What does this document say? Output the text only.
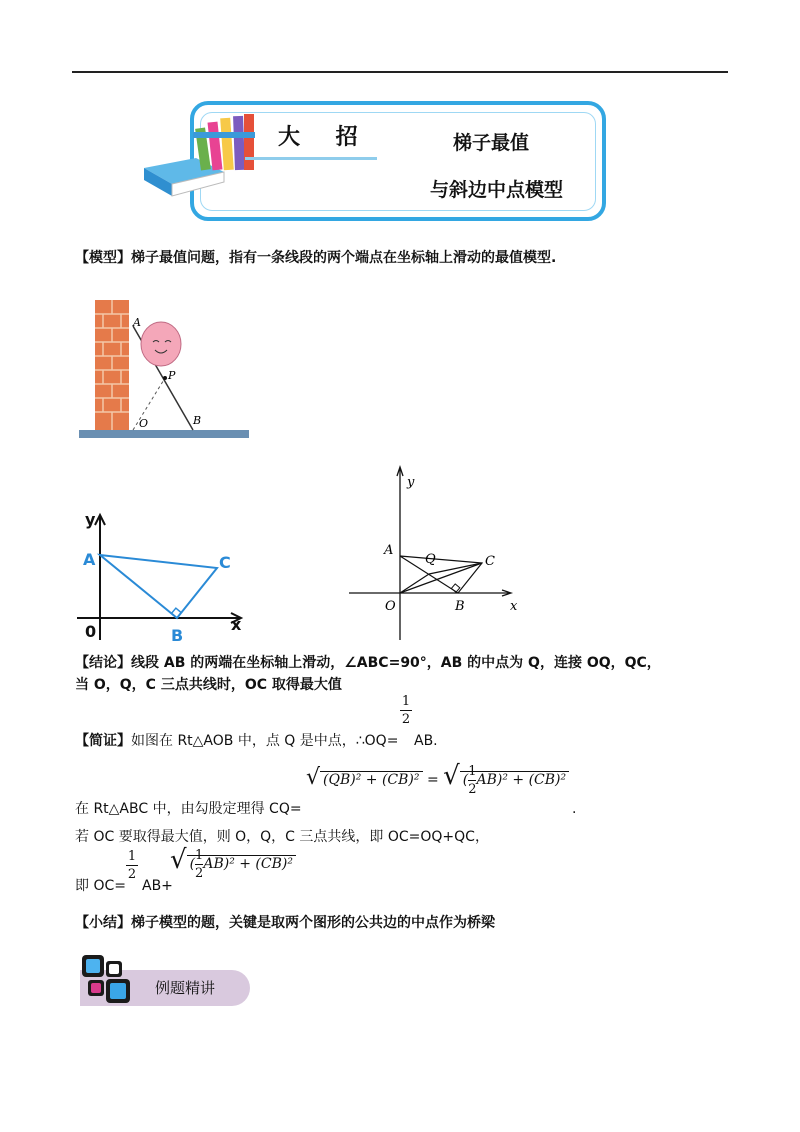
大 招	梯子最值
与斜边中点模型
【模型】梯子最值问题，指有一条线段的两个端点在坐标轴上滑动的最值模型.
A
P
O	B
y
A	C
0	B
x
y
A
Q	C
O	B	x
【结论】线段 AB 的两端在坐标轴上滑动，∠ABC=90°，AB 的中点为 Q，连接 OQ，QC，
当 O，Q，C 三点共线时，OC 取得最大值
1
2
【简证】如图在 Rt△AOB 中，点 Q 是中点，∴OQ= AB.
√ (QB)² + (CB)² = √ ( $\frac{1}{2} AB)^2 + (CB)^2$
在 Rt△ABC 中，由勾股定理得 CQ=	.
若 OC 要取得最大值，则 O，Q，C 三点共线，即 OC=OQ+QC，
1
2
即 OC= AB+
√ ( $\frac{1}{2} AB)^2 + (CB)^2$
【小结】梯子模型的题，关键是取两个图形的公共边的中点作为桥梁
例题精讲
